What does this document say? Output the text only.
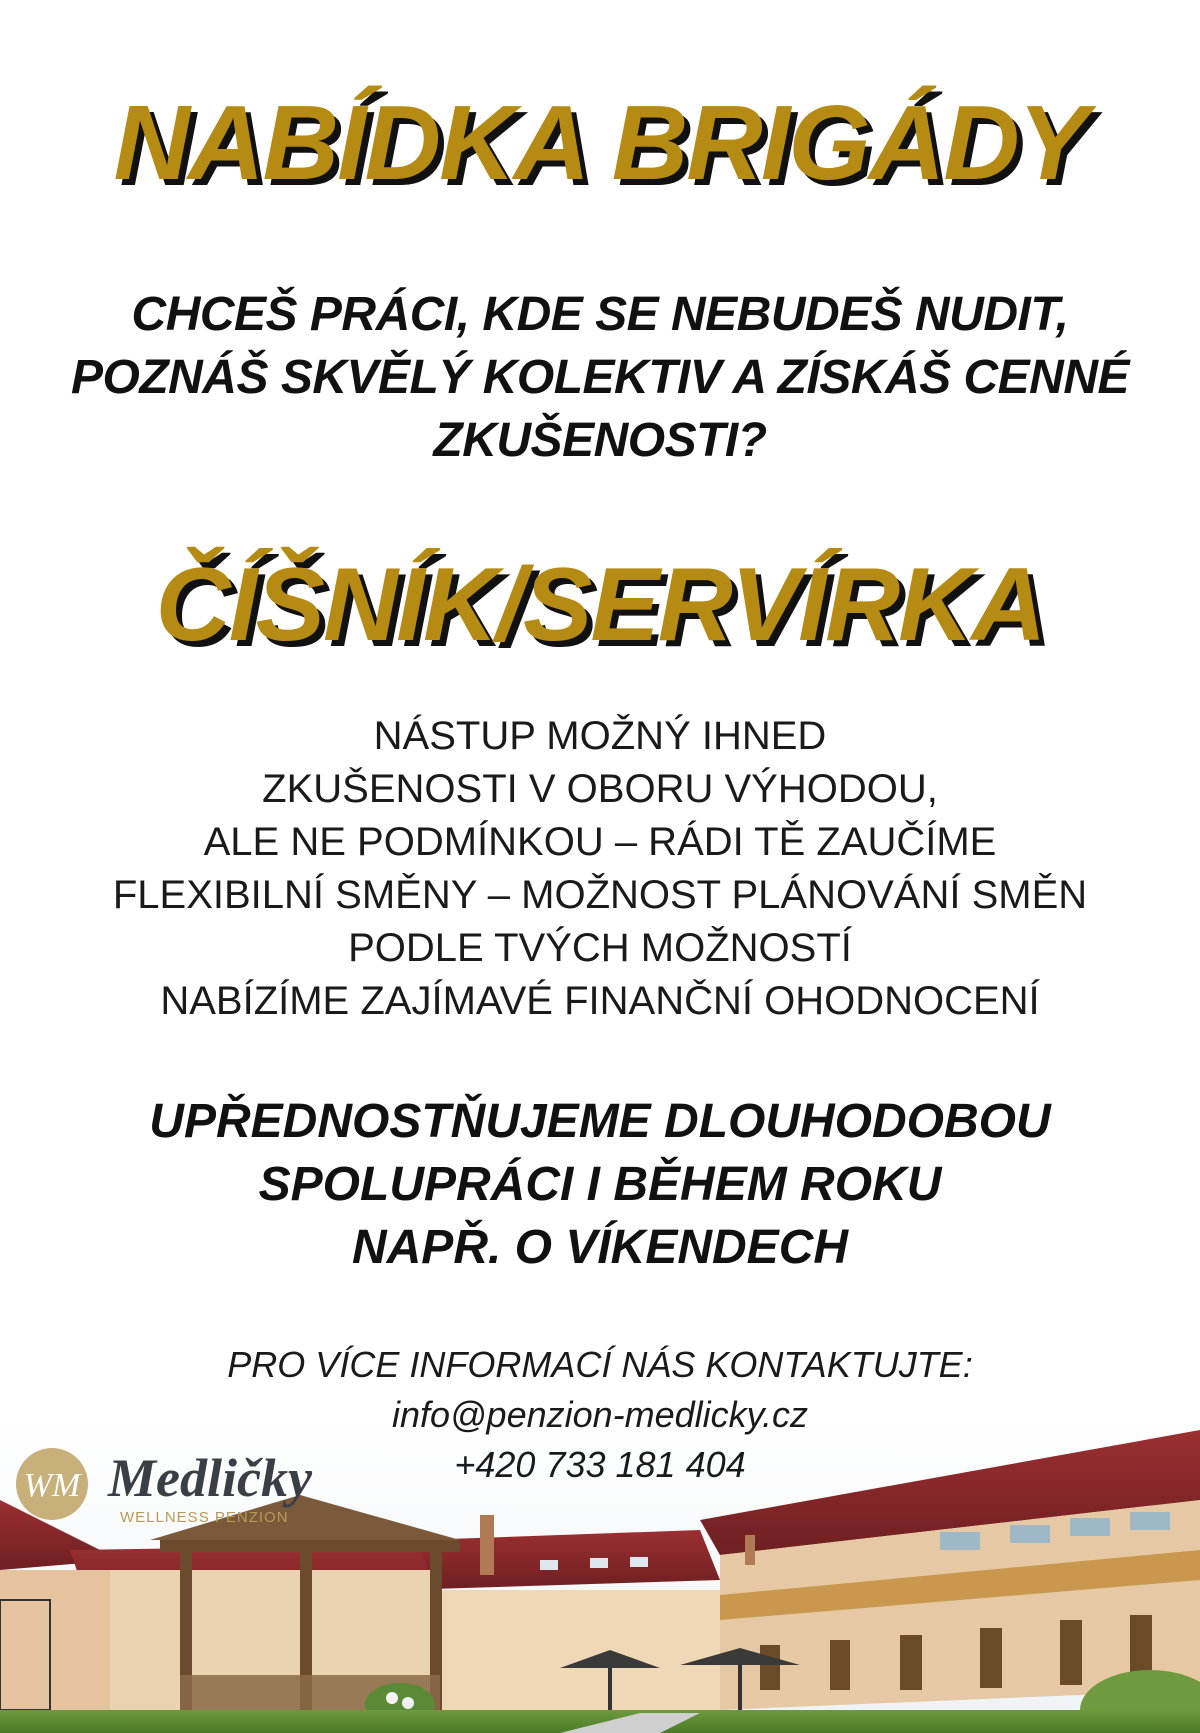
WM Medličky
WELLNESS PENZION
NABÍDKA BRIGÁDY
CHCEŠ PRÁCI, KDE SE NEBUDEŠ NUDIT,
POZNÁŠ SKVĚLÝ KOLEKTIV A ZÍSKÁŠ CENNÉ
ZKUŠENOSTI?
ČÍŠNÍK/SERVÍRKA
NÁSTUP MOŽNÝ IHNED
ZKUŠENOSTI V OBORU VÝHODOU,
ALE NE PODMÍNKOU – RÁDI TĚ ZAUČÍME
FLEXIBILNÍ SMĚNY – MOŽNOST PLÁNOVÁNÍ SMĚN
PODLE TVÝCH MOŽNOSTÍ
NABÍZÍME ZAJÍMAVÉ FINANČNÍ OHODNOCENÍ
UPŘEDNOSTŇUJEME DLOUHODOBOU
SPOLUPRÁCI I BĚHEM ROKU
NAPŘ. O VÍKENDECH
PRO VÍCE INFORMACÍ NÁS KONTAKTUJTE:
info@penzion-medlicky.cz
+420 733 181 404
